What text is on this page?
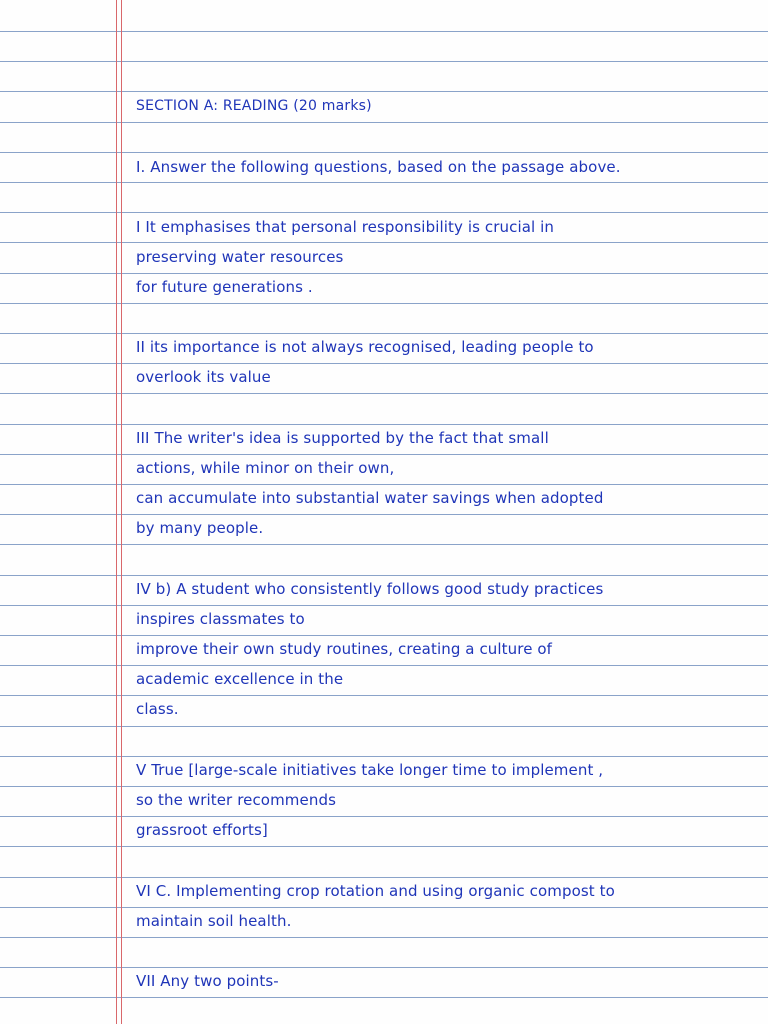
SECTION A: READING (20 marks)
I. Answer the following questions, based on the passage above.
I It emphasises that personal responsibility is crucial in
preserving water resources
for future generations .
II its importance is not always recognised, leading people to
overlook its value
III The writer's idea is supported by the fact that small
actions, while minor on their own,
can accumulate into substantial water savings when adopted
by many people.
IV b) A student who consistently follows good study practices
inspires classmates to
improve their own study routines, creating a culture of
academic excellence in the
class.
V True [large-scale initiatives take longer time to implement ,
so the writer recommends
grassroot efforts]
VI C. Implementing crop rotation and using organic compost to
maintain soil health.
VII Any two points-
